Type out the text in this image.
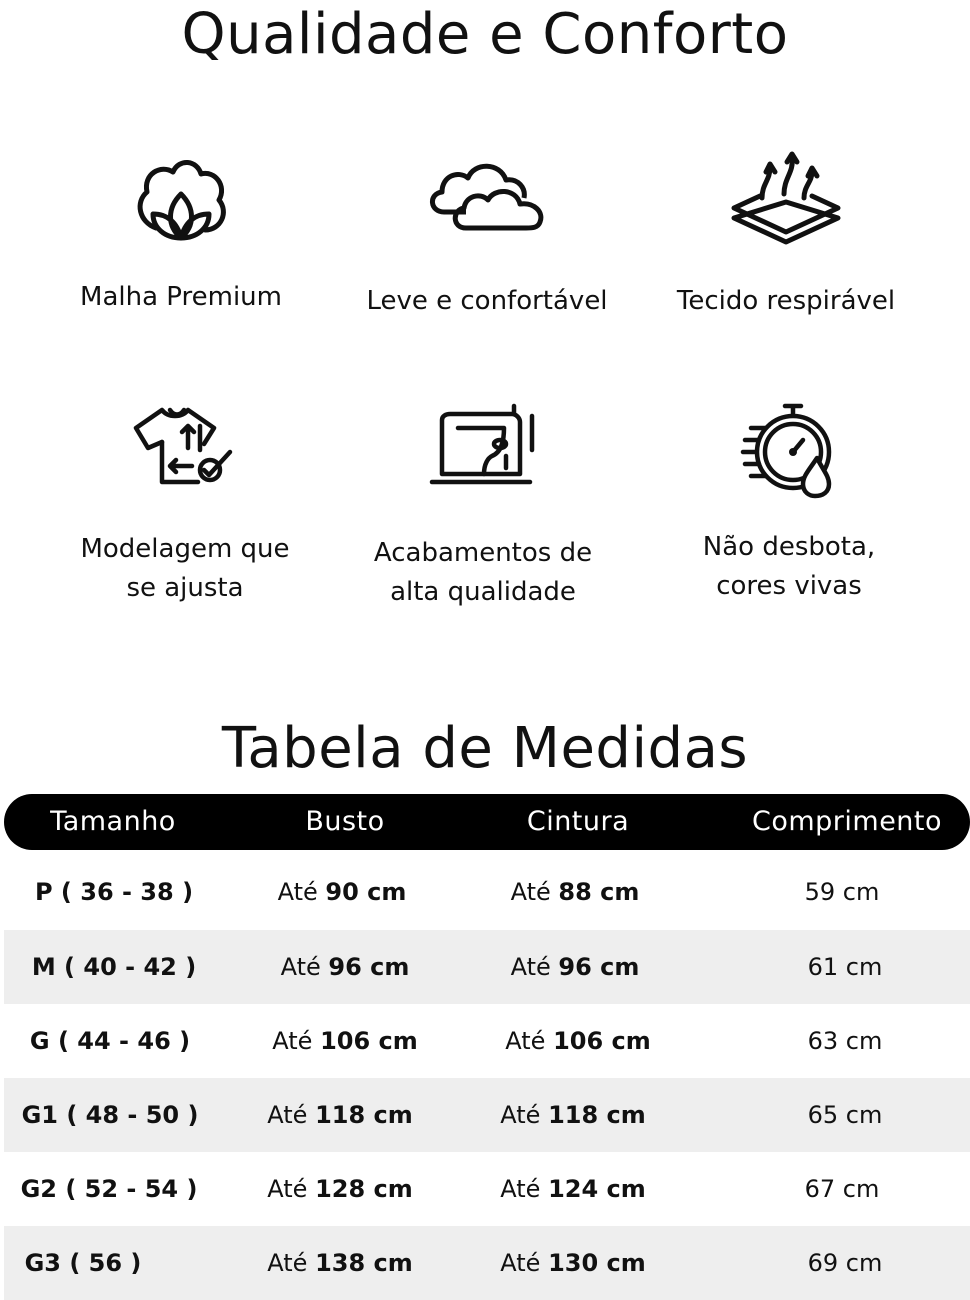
Qualidade e Conforto
Malha Premium	Leve e confortável	Tecido respirável
Modelagem que
se ajusta
Acabamentos de
alta qualidade
Não desbota,
cores vivas
Tabela de Medidas
Tamanho	Busto	Cintura	Comprimento
P ( 36 - 38 )	Até 90 cm	Até 88 cm	59 cm
M ( 40 - 42 )	Até 96 cm	Até 96 cm	61 cm
G ( 44 - 46 )	Até 106 cm	Até 106 cm	63 cm
G1 ( 48 - 50 )	Até 118 cm	Até 118 cm	65 cm
G2 ( 52 - 54 )	Até 128 cm	Até 124 cm	67 cm
G3 ( 56 )	Até 138 cm	Até 130 cm	69 cm
